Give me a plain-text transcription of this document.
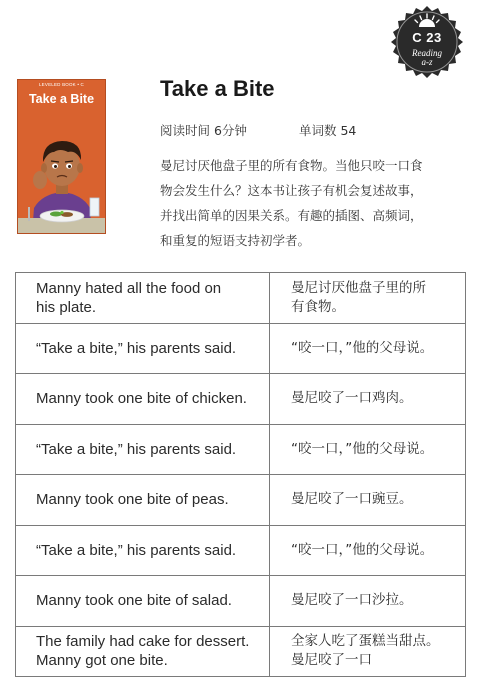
C 23
Reading
a-z
LEVELED BOOK • C
Take a Bite	Take a Bite
阅读时间 6分钟	单词数 54
曼尼讨厌他盘子里的所有食物。当他只咬一口食
物会发生什么？这本书让孩子有机会复述故事，
并找出简单的因果关系。有趣的插图、高频词，
和重复的短语支持初学者。
Manny hated all the food on
his plate.	曼尼讨厌他盘子里的所
有食物。

“Take a bite,” his parents said.	“咬一口，”他的父母说。

Manny took one bite of chicken.	曼尼咬了一口鸡肉。

“Take a bite,” his parents said.	“咬一口，”他的父母说。

Manny took one bite of peas.	曼尼咬了一口豌豆。

“Take a bite,” his parents said.	“咬一口，”他的父母说。

Manny took one bite of salad.	曼尼咬了一口沙拉。

The family had cake for dessert.
Manny got one bite.	全家人吃了蛋糕当甜点。
曼尼咬了一口
